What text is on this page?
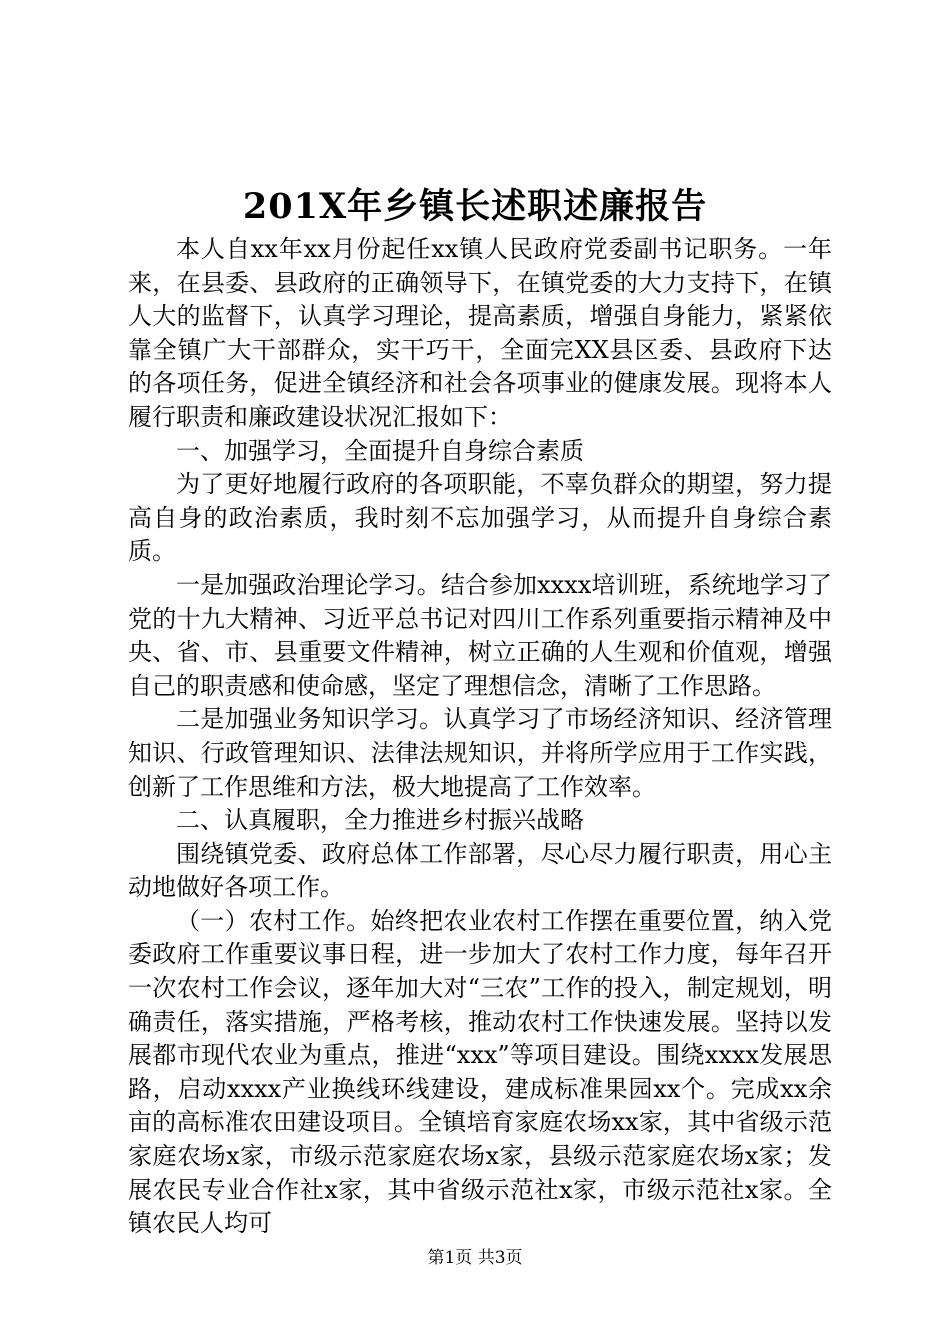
201X年乡镇长述职述廉报告

本人自xx年xx月份起任xx镇人民政府党委副书记职务。一年来，在县委、县政府的正确领导下，在镇党委的大力支持下，在镇人大的监督下，认真学习理论，提高素质，增强自身能力，紧紧依靠全镇广大干部群众，实干巧干，全面完XX县区委、县政府下达的各项任务，促进全镇经济和社会各项事业的健康发展。现将本人履行职责和廉政建设状况汇报如下：

一、加强学习，全面提升自身综合素质

为了更好地履行政府的各项职能，不辜负群众的期望，努力提高自身的政治素质，我时刻不忘加强学习，从而提升自身综合素质。

一是加强政治理论学习。结合参加xxxx培训班，系统地学习了党的十九大精神、习近平总书记对四川工作系列重要指示精神及中央、省、市、县重要文件精神，树立正确的人生观和价值观，增强自己的职责感和使命感，坚定了理想信念，清晰了工作思路。

二是加强业务知识学习。认真学习了市场经济知识、经济管理知识、行政管理知识、法律法规知识，并将所学应用于工作实践，创新了工作思维和方法，极大地提高了工作效率。

二、认真履职，全力推进乡村振兴战略

围绕镇党委、政府总体工作部署，尽心尽力履行职责，用心主动地做好各项工作。

（一）农村工作。始终把农业农村工作摆在重要位置，纳入党委政府工作重要议事日程，进一步加大了农村工作力度，每年召开一次农村工作会议，逐年加大对“三农”工作的投入，制定规划，明确责任，落实措施，严格考核，推动农村工作快速发展。坚持以发展都市现代农业为重点，推进“xxx”等项目建设。围绕xxxx发展思路，启动xxxx产业换线环线建设，建成标准果园xx个。完成xx余亩的高标准农田建设项目。全镇培育家庭农场xx家，其中省级示范家庭农场x家，市级示范家庭农场x家，县级示范家庭农场x家；发展农民专业合作社x家，其中省级示范社x家，市级示范社x家。全镇农民人均可

第1页 共3页
